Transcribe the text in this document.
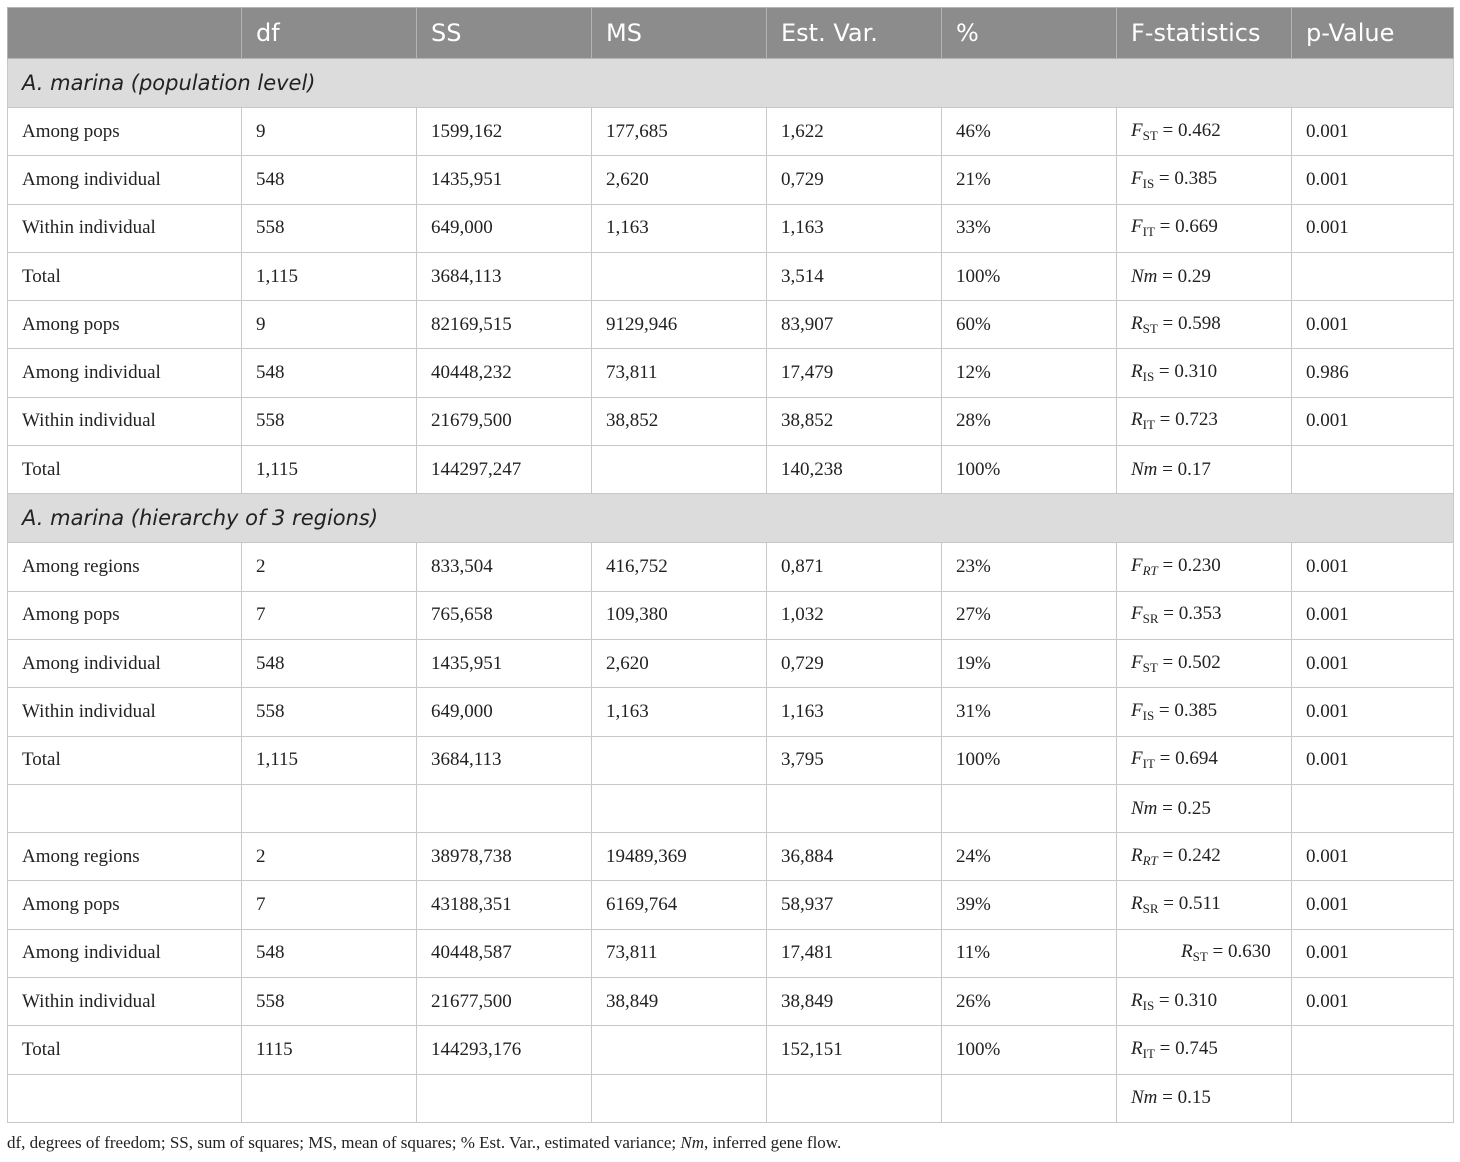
	df	SS	MS	Est. Var.	%	F-statistics	p-Value
A. marina (population level)							
Among pops	9	1599,162	177,685	1,622	46%	$F_{ST} = 0.462$	0.001
Among individual	548	1435,951	2,620	0,729	21%	$F_{IS} = 0.385$	0.001
Within individual	558	649,000	1,163	1,163	33%	$F_{IT} = 0.669$	0.001
Total	1,115	3684,113		3,514	100%	Nm = 0.29	
Among pops	9	82169,515	9129,946	83,907	60%	$R_{ST} = 0.598$	0.001
Among individual	548	40448,232	73,811	17,479	12%	$R_{IS} = 0.310$	0.986
Within individual	558	21679,500	38,852	38,852	28%	$R_{IT} = 0.723$	0.001
Total	1,115	144297,247		140,238	100%	Nm = 0.17	
A. marina (hierarchy of 3 regions)							
Among regions	2	833,504	416,752	0,871	23%	$F_{RT} = 0.230$	0.001
Among pops	7	765,658	109,380	1,032	27%	$F_{SR} = 0.353$	0.001
Among individual	548	1435,951	2,620	0,729	19%	$F_{ST} = 0.502$	0.001
Within individual	558	649,000	1,163	1,163	31%	$F_{IS} = 0.385$	0.001
Total	1,115	3684,113		3,795	100%	$F_{IT} = 0.694$	0.001
						Nm = 0.25	
Among regions	2	38978,738	19489,369	36,884	24%	$R_{RT} = 0.242$	0.001
Among pops	7	43188,351	6169,764	58,937	39%	$R_{SR} = 0.511$	0.001
Among individual	548	40448,587	73,811	17,481	11%	$R_{ST} = 0.630$	0.001
Within individual	558	21677,500	38,849	38,849	26%	$R_{IS} = 0.310$	0.001
Total	1115	144293,176		152,151	100%	$R_{IT} = 0.745$	
						Nm = 0.15	
df, degrees of freedom; SS, sum of squares; MS, mean of squares; % Est. Var., estimated variance; Nm, inferred gene flow.
